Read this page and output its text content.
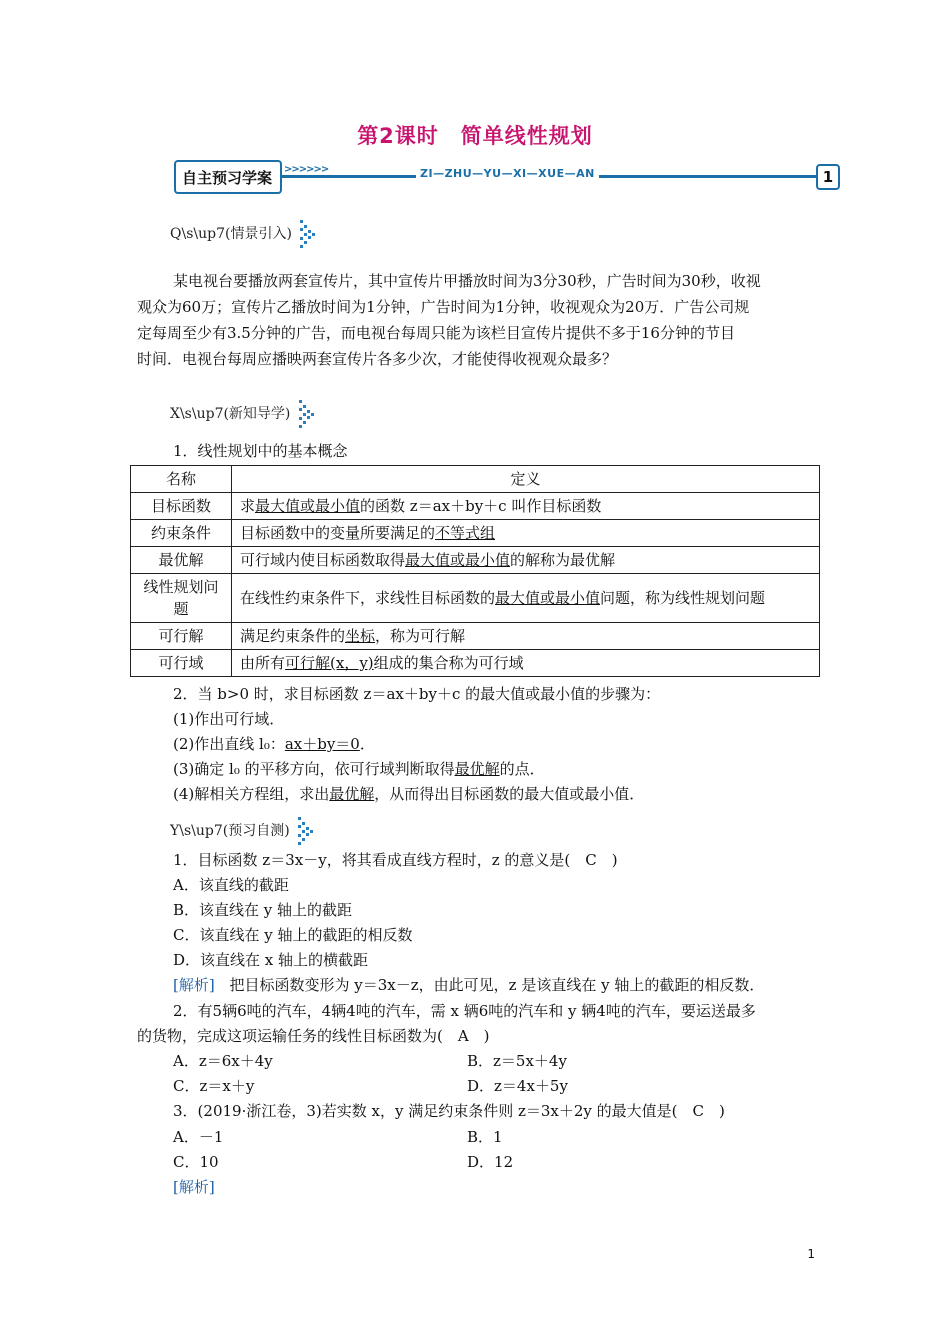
第2课时　简单线性规划
自主预习学案 >>>>>>	ZI—ZHU—YU—XI—XUE—AN	1
Q\s\up7(情景引入)
某电视台要播放两套宣传片，其中宣传片甲播放时间为3分30秒，广告时间为30秒，收视
观众为60万；宣传片乙播放时间为1分钟，广告时间为1分钟，收视观众为20万．广告公司规
定每周至少有3.5分钟的广告，而电视台每周只能为该栏目宣传片提供不多于16分钟的节目
时间．电视台每周应播映两套宣传片各多少次，才能使得收视观众最多？
X\s\up7(新知导学)
1．线性规划中的基本概念
名称	定义
目标函数	求最大值或最小值的函数 z＝ax＋by＋c 叫作目标函数
约束条件	目标函数中的变量所要满足的不等式组
最优解	可行域内使目标函数取得最大值或最小值的解称为最优解
线性规划问题	在线性约束条件下，求线性目标函数的最大值或最小值问题，称为线性规划问题
可行解	满足约束条件的坐标，称为可行解
可行域	由所有可行解(x，y)组成的集合称为可行域
2．当 b>0 时，求目标函数 z＝ax＋by＋c 的最大值或最小值的步骤为：
(1)作出可行域．
(2)作出直线 l₀：ax＋by＝0．
(3)确定 l₀ 的平移方向，依可行域判断取得最优解的点．
(4)解相关方程组，求出最优解，从而得出目标函数的最大值或最小值．
Y\s\up7(预习自测)
1．目标函数 z＝3x－y，将其看成直线方程时，z 的意义是(　C　)
A．该直线的截距
B．该直线在 y 轴上的截距
C．该直线在 y 轴上的截距的相反数
D．该直线在 x 轴上的横截距
[解析] 把目标函数变形为 y＝3x－z，由此可见，z 是该直线在 y 轴上的截距的相反数．
2．有5辆6吨的汽车，4辆4吨的汽车，需 x 辆6吨的汽车和 y 辆4吨的汽车，要运送最多
的货物，完成这项运输任务的线性目标函数为(　A　)
A．z＝6x＋4y	B．z＝5x＋4y
C．z＝x＋y	D．z＝4x＋5y
3．(2019·浙江卷，3)若实数 x，y 满足约束条件则 z＝3x＋2y 的最大值是(　C　)
A．－1	B．1
C．10	D．12
[解析]
1
